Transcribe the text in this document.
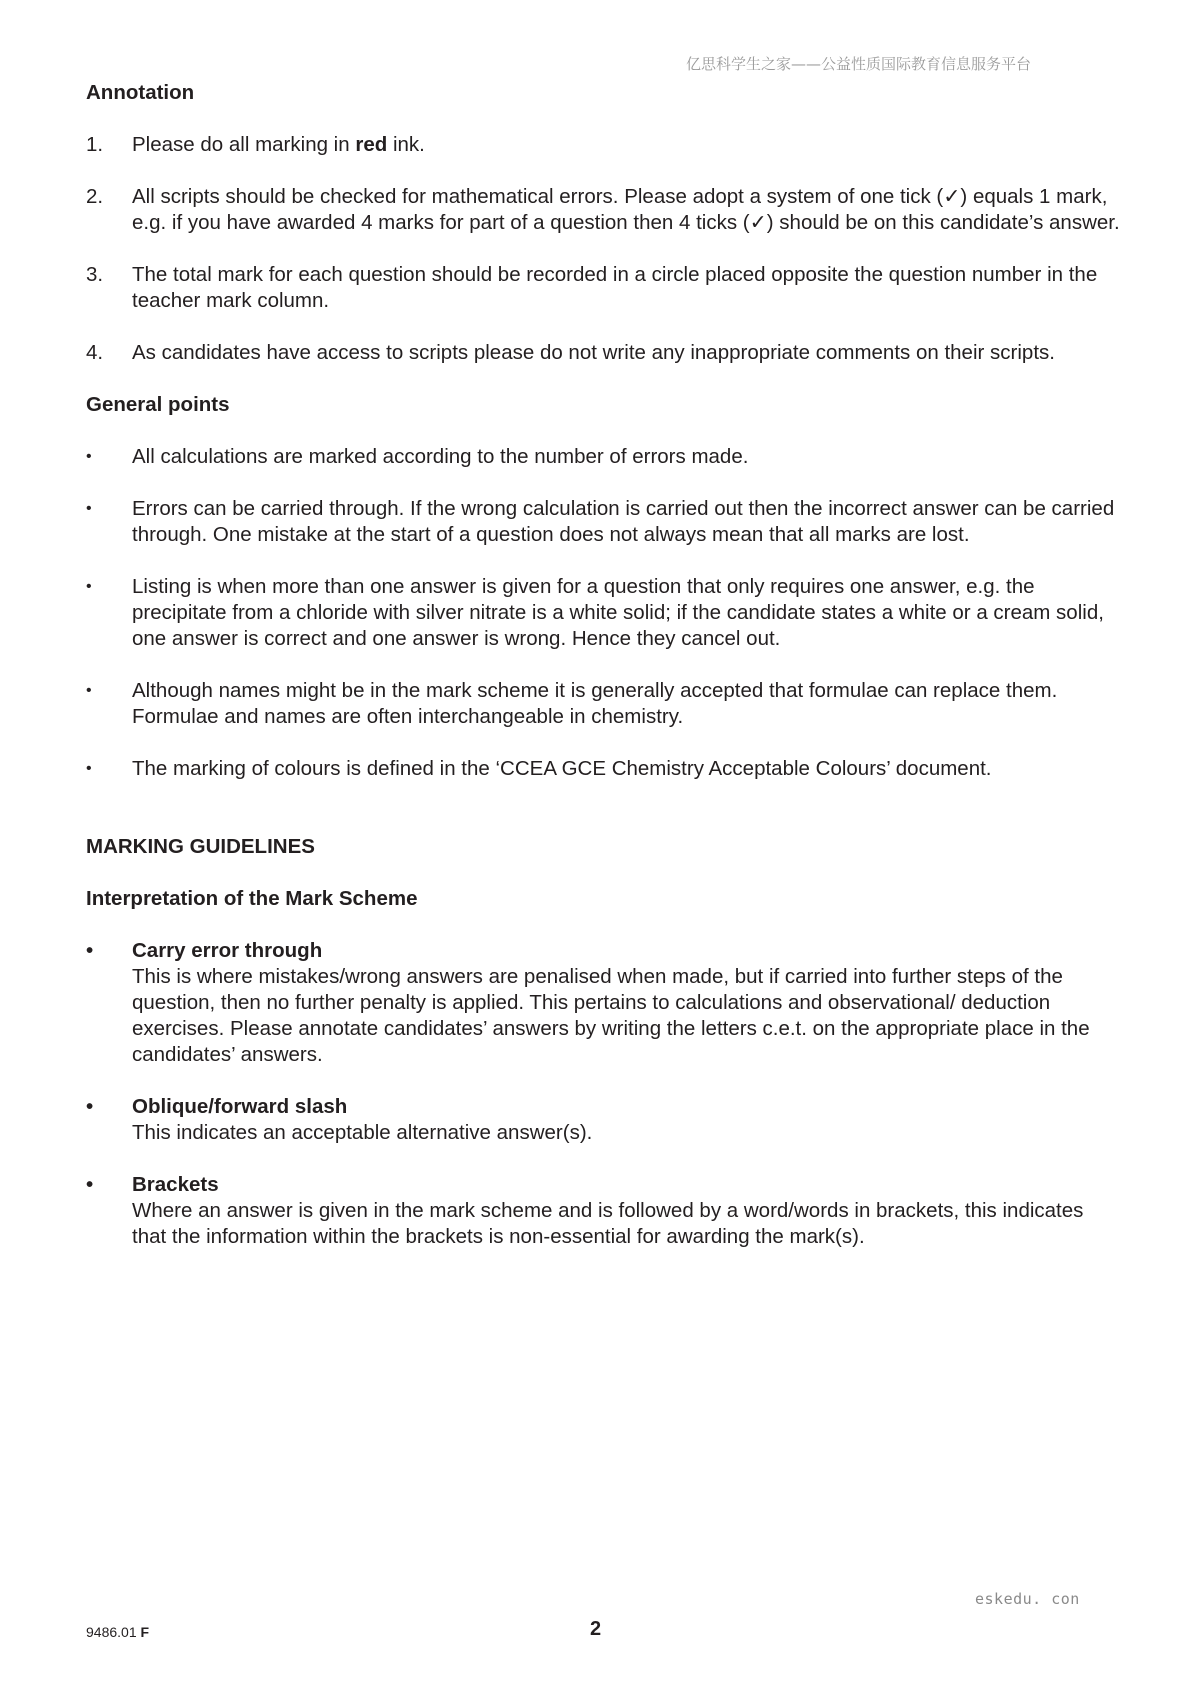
亿思科学生之家——公益性质国际教育信息服务平台
Annotation
1. Please do all marking in red ink.
2. All scripts should be checked for mathematical errors. Please adopt a system of one tick (✓) equals 1 mark, e.g. if you have awarded 4 marks for part of a question then 4 ticks (✓) should be on this candidate’s answer.
3. The total mark for each question should be recorded in a circle placed opposite the question number in the teacher mark column.
4. As candidates have access to scripts please do not write any inappropriate comments on their scripts.
General points
• All calculations are marked according to the number of errors made.
• Errors can be carried through. If the wrong calculation is carried out then the incorrect answer can be carried through. One mistake at the start of a question does not always mean that all marks are lost.
• Listing is when more than one answer is given for a question that only requires one answer, e.g. the precipitate from a chloride with silver nitrate is a white solid; if the candidate states a white or a cream solid, one answer is correct and one answer is wrong. Hence they cancel out.
• Although names might be in the mark scheme it is generally accepted that formulae can replace them. Formulae and names are often interchangeable in chemistry.
• The marking of colours is defined in the ‘CCEA GCE Chemistry Acceptable Colours’ document.
MARKING GUIDELINES
Interpretation of the Mark Scheme
• Carry error through
This is where mistakes/wrong answers are penalised when made, but if carried into further steps of the question, then no further penalty is applied. This pertains to calculations and observational/ deduction exercises. Please annotate candidates’ answers by writing the letters c.e.t. on the appropriate place in the candidates’ answers.
• Oblique/forward slash
This indicates an acceptable alternative answer(s).
• Brackets
Where an answer is given in the mark scheme and is followed by a word/words in brackets, this indicates that the information within the brackets is non-essential for awarding the mark(s).
eskedu. con
9486.01 F	2
